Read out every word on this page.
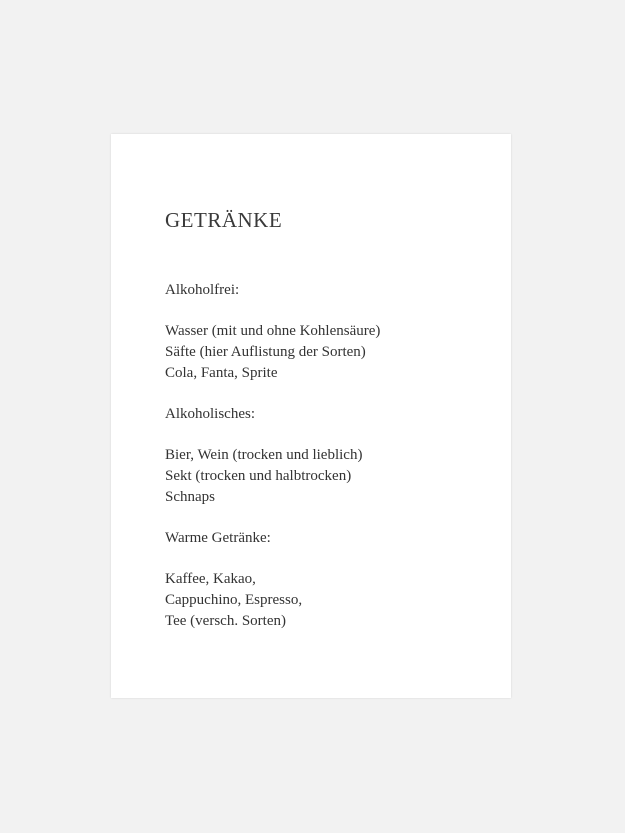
GETRÄNKE
Alkoholfrei:
Wasser (mit und ohne Kohlensäure)
Säfte (hier Auflistung der Sorten)
Cola, Fanta, Sprite
Alkoholisches:
Bier, Wein (trocken und lieblich)
Sekt (trocken und halbtrocken)
Schnaps
Warme Getränke:
Kaffee, Kakao,
Cappuchino, Espresso,
Tee (versch. Sorten)
